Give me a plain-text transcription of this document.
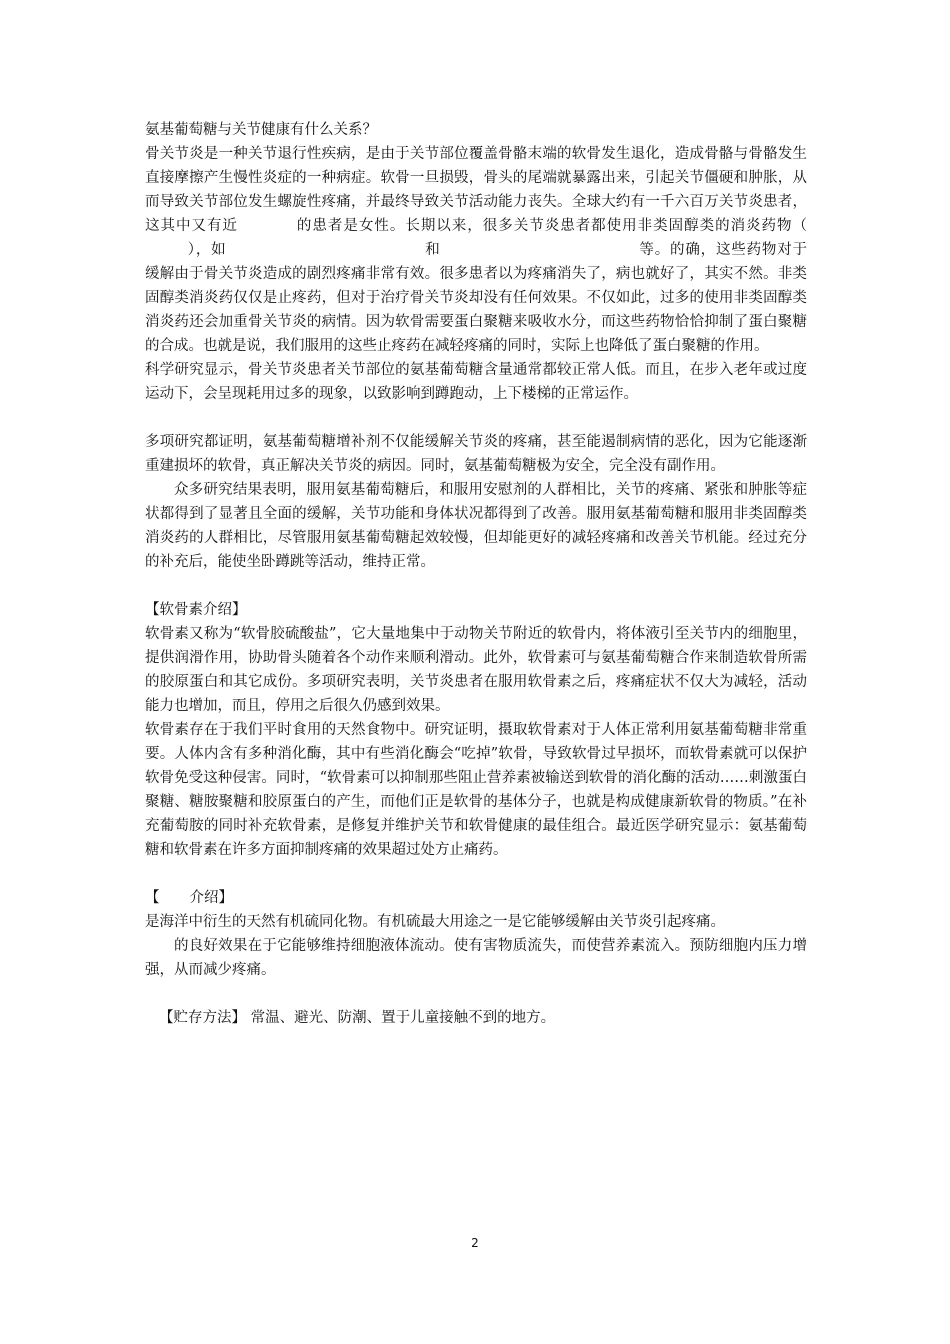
氨基葡萄糖与关节健康有什么关系？

骨关节炎是一种关节退行性疾病，是由于关节部位覆盖骨骼末端的软骨发生退化，造成骨骼与骨骼发生直接摩擦产生慢性炎症的一种病症。软骨一旦损毁，骨头的尾端就暴露出来，引起关节僵硬和肿胀，从而导致关节部位发生螺旋性疼痛，并最终导致关节活动能力丧失。全球大约有一千六百万关节炎患者，这其中又有近	的患者是女性。长期以来，很多关节炎患者都使用非类固醇类的消炎药物（），如	和	等。的确，这些药物对于缓解由于骨关节炎造成的剧烈疼痛非常有效。很多患者以为疼痛消失了，病也就好了，其实不然。非类固醇类消炎药仅仅是止疼药，但对于治疗骨关节炎却没有任何效果。不仅如此，过多的使用非类固醇类消炎药还会加重骨关节炎的病情。因为软骨需要蛋白聚糖来吸收水分，而这些药物恰恰抑制了蛋白聚糖的合成。也就是说，我们服用的这些止疼药在减轻疼痛的同时，实际上也降低了蛋白聚糖的作用。

科学研究显示，骨关节炎患者关节部位的氨基葡萄糖含量通常都较正常人低。而且，在步入老年或过度运动下，会呈现耗用过多的现象，以致影响到蹲跑动，上下楼梯的正常运作。

多项研究都证明，氨基葡萄糖增补剂不仅能缓解关节炎的疼痛，甚至能遏制病情的恶化，因为它能逐渐重建损坏的软骨，真正解决关节炎的病因。同时，氨基葡萄糖极为安全，完全没有副作用。

众多研究结果表明，服用氨基葡萄糖后，和服用安慰剂的人群相比，关节的疼痛、紧张和肿胀等症状都得到了显著且全面的缓解，关节功能和身体状况都得到了改善。服用氨基葡萄糖和服用非类固醇类消炎药的人群相比，尽管服用氨基葡萄糖起效较慢，但却能更好的减轻疼痛和改善关节机能。经过充分的补充后，能使坐卧蹲跳等活动，维持正常。

【软骨素介绍】

软骨素又称为“软骨胶硫酸盐”，它大量地集中于动物关节附近的软骨内，将体液引至关节内的细胞里，提供润滑作用，协助骨头随着各个动作来顺利滑动。此外，软骨素可与氨基葡萄糖合作来制造软骨所需的胶原蛋白和其它成份。多项研究表明，关节炎患者在服用软骨素之后，疼痛症状不仅大为减轻，活动能力也增加，而且，停用之后很久仍感到效果。

软骨素存在于我们平时食用的天然食物中。研究证明，摄取软骨素对于人体正常利用氨基葡萄糖非常重要。人体内含有多种消化酶，其中有些消化酶会“吃掉”软骨，导致软骨过早损坏，而软骨素就可以保护软骨免受这种侵害。同时，“软骨素可以抑制那些阻止营养素被输送到软骨的消化酶的活动……刺激蛋白聚糖、糖胺聚糖和胶原蛋白的产生，而他们正是软骨的基体分子，也就是构成健康新软骨的物质。”在补充葡萄胺的同时补充软骨素，是修复并维护关节和软骨健康的最佳组合。最近医学研究显示：氨基葡萄糖和软骨素在许多方面抑制疼痛的效果超过处方止痛药。

【 介绍】

是海洋中衍生的天然有机硫同化物。有机硫最大用途之一是它能够缓解由关节炎引起疼痛。

的良好效果在于它能够维持细胞液体流动。使有害物质流失，而使营养素流入。预防细胞内压力增强，从而减少疼痛。

【贮存方法】 常温、避光、防潮、置于儿童接触不到的地方。

2
